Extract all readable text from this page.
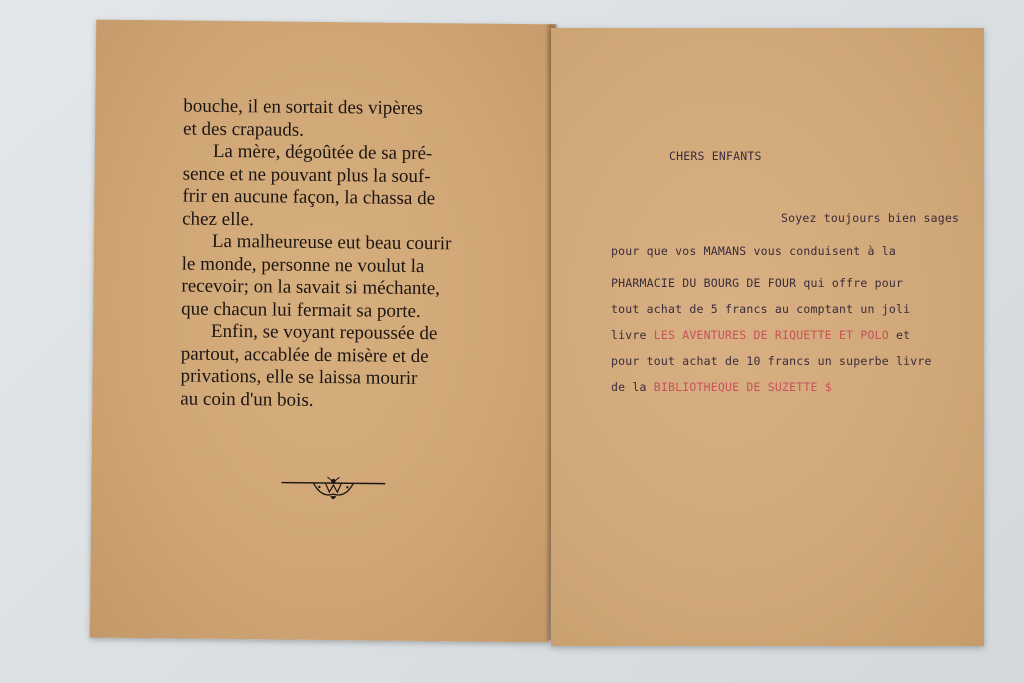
bouche, il en sortait des vipères
et des crapauds.

La mère, dégoûtée de sa pré-
sence et ne pouvant plus la souf-
frir en aucune façon, la chassa de
chez elle.

La malheureuse eut beau courir
le monde, personne ne voulut la
recevoir; on la savait si méchante,
que chacun lui fermait sa porte.

Enfin, se voyant repoussée de
partout, accablée de misère et de
privations, elle se laissa mourir
au coin d'un bois.

CHERS ENFANTS
Soyez toujours bien sages
pour que vos MAMANS vous conduisent à la
PHARMACIE DU BOURG DE FOUR qui offre pour
tout achat de 5 francs au comptant un joli
livre LES AVENTURES DE RIQUETTE ET POLO et
pour tout achat de 10 francs un superbe livre
de la BIBLIOTHEQUE DE SUZETTE $
